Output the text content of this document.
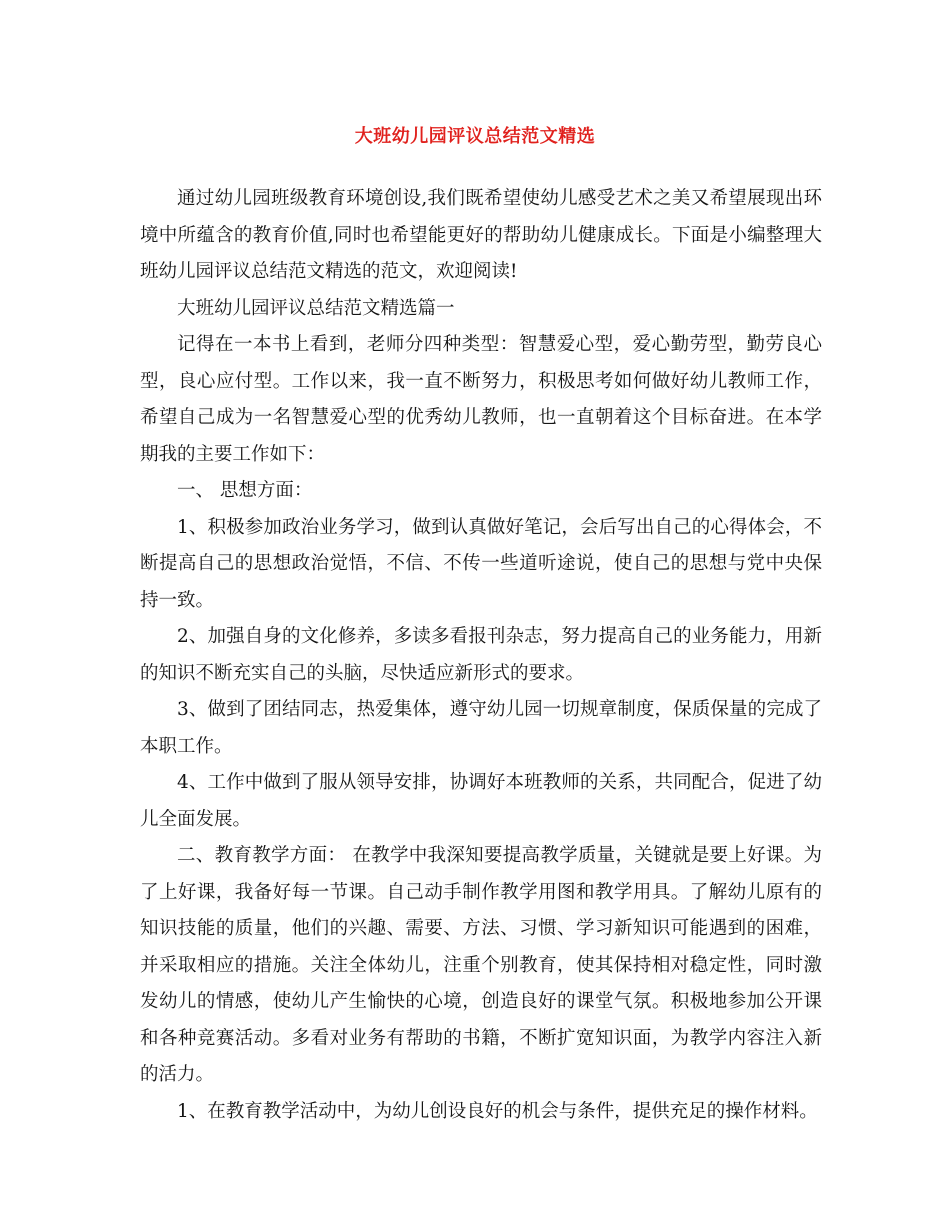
大班幼儿园评议总结范文精选

通过幼儿园班级教育环境创设,我们既希望使幼儿感受艺术之美又希望展现出环境中所蕴含的教育价值,同时也希望能更好的帮助幼儿健康成长。下面是小编整理大班幼儿园评议总结范文精选的范文，欢迎阅读!

大班幼儿园评议总结范文精选篇一

记得在一本书上看到，老师分四种类型：智慧爱心型，爱心勤劳型，勤劳良心型，良心应付型。工作以来，我一直不断努力，积极思考如何做好幼儿教师工作，希望自己成为一名智慧爱心型的优秀幼儿教师，也一直朝着这个目标奋进。在本学期我的主要工作如下：

一、 思想方面：

1、积极参加政治业务学习，做到认真做好笔记，会后写出自己的心得体会，不断提高自己的思想政治觉悟，不信、不传一些道听途说，使自己的思想与党中央保持一致。

2、加强自身的文化修养，多读多看报刊杂志，努力提高自己的业务能力，用新的知识不断充实自己的头脑，尽快适应新形式的要求。

3、做到了团结同志，热爱集体，遵守幼儿园一切规章制度，保质保量的完成了本职工作。

4、工作中做到了服从领导安排，协调好本班教师的关系，共同配合，促进了幼儿全面发展。

二、教育教学方面： 在教学中我深知要提高教学质量，关键就是要上好课。为了上好课，我备好每一节课。自己动手制作教学用图和教学用具。了解幼儿原有的知识技能的质量，他们的兴趣、需要、方法、习惯、学习新知识可能遇到的困难，并采取相应的措施。关注全体幼儿，注重个别教育，使其保持相对稳定性，同时激发幼儿的情感，使幼儿产生愉快的心境，创造良好的课堂气氛。积极地参加公开课和各种竞赛活动。多看对业务有帮助的书籍，不断扩宽知识面，为教学内容注入新的活力。

1、在教育教学活动中，为幼儿创设良好的机会与条件，提供充足的操作材料。
